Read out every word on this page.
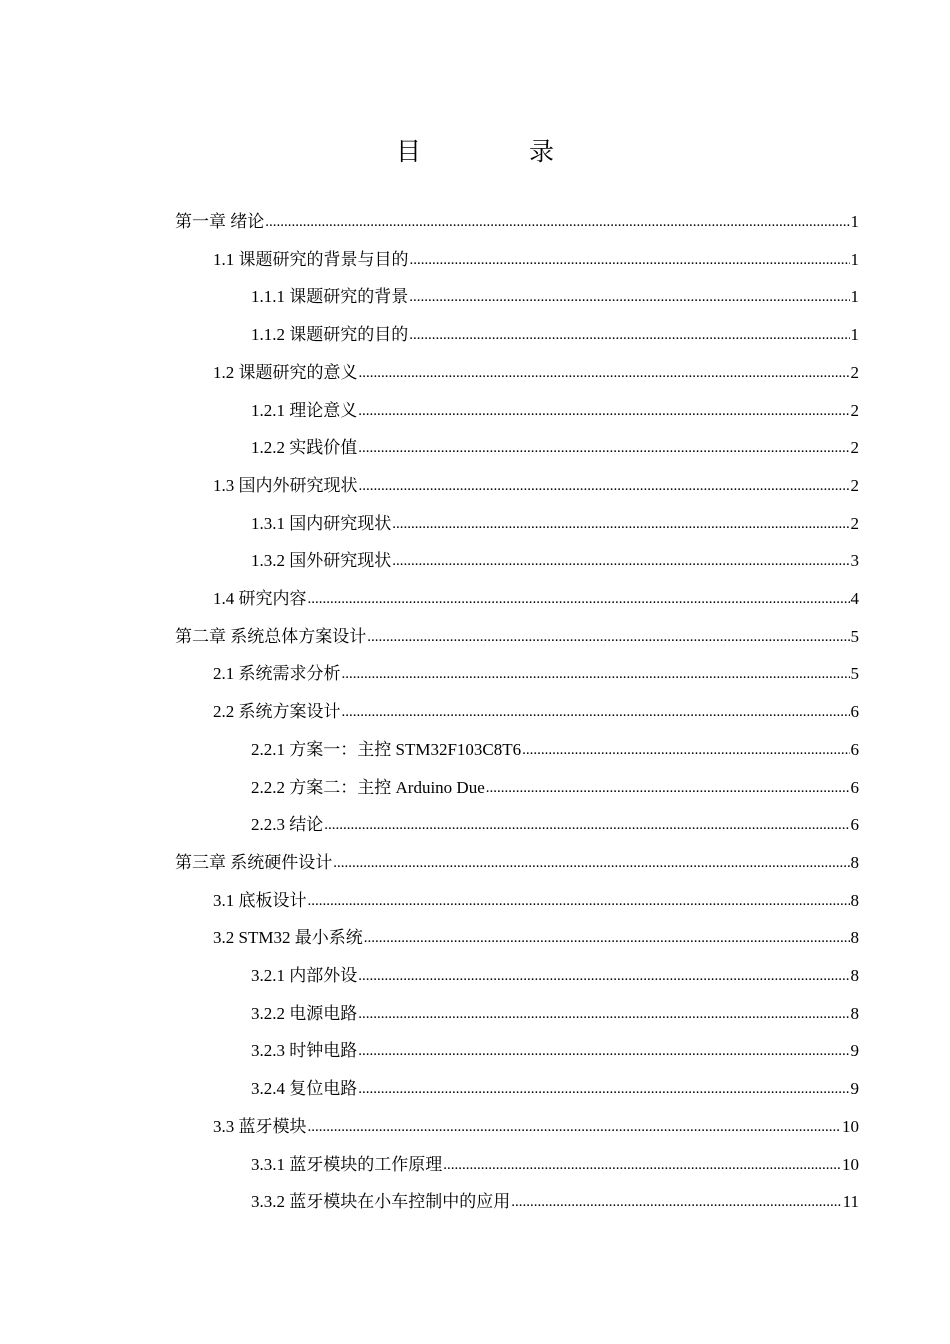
目 录
第一章 绪论 .....	1
1.1 课题研究的背景与目的 .....	1
1.1.1 课题研究的背景 .....	1
1.1.2 课题研究的目的 .....	1
1.2 课题研究的意义 .....	2
1.2.1 理论意义 .....	2
1.2.2 实践价值 .....	2
1.3 国内外研究现状 .....	2
1.3.1 国内研究现状 .....	2
1.3.2 国外研究现状 .....	3
1.4 研究内容 .....	4
第二章 系统总体方案设计 .....	5
2.1 系统需求分析 .....	5
2.2 系统方案设计 .....	6
2.2.1 方案一：主控 STM32F103C8T6 .....	6
2.2.2 方案二：主控 Arduino Due .....	6
2.2.3 结论 .....	6
第三章 系统硬件设计 .....	8
3.1 底板设计 .....	8
3.2 STM32 最小系统 .....	8
3.2.1 内部外设 .....	8
3.2.2 电源电路 .....	8
3.2.3 时钟电路 .....	9
3.2.4 复位电路 .....	9
3.3 蓝牙模块 .....	10
3.3.1 蓝牙模块的工作原理 .....	10
3.3.2 蓝牙模块在小车控制中的应用 .....	11
